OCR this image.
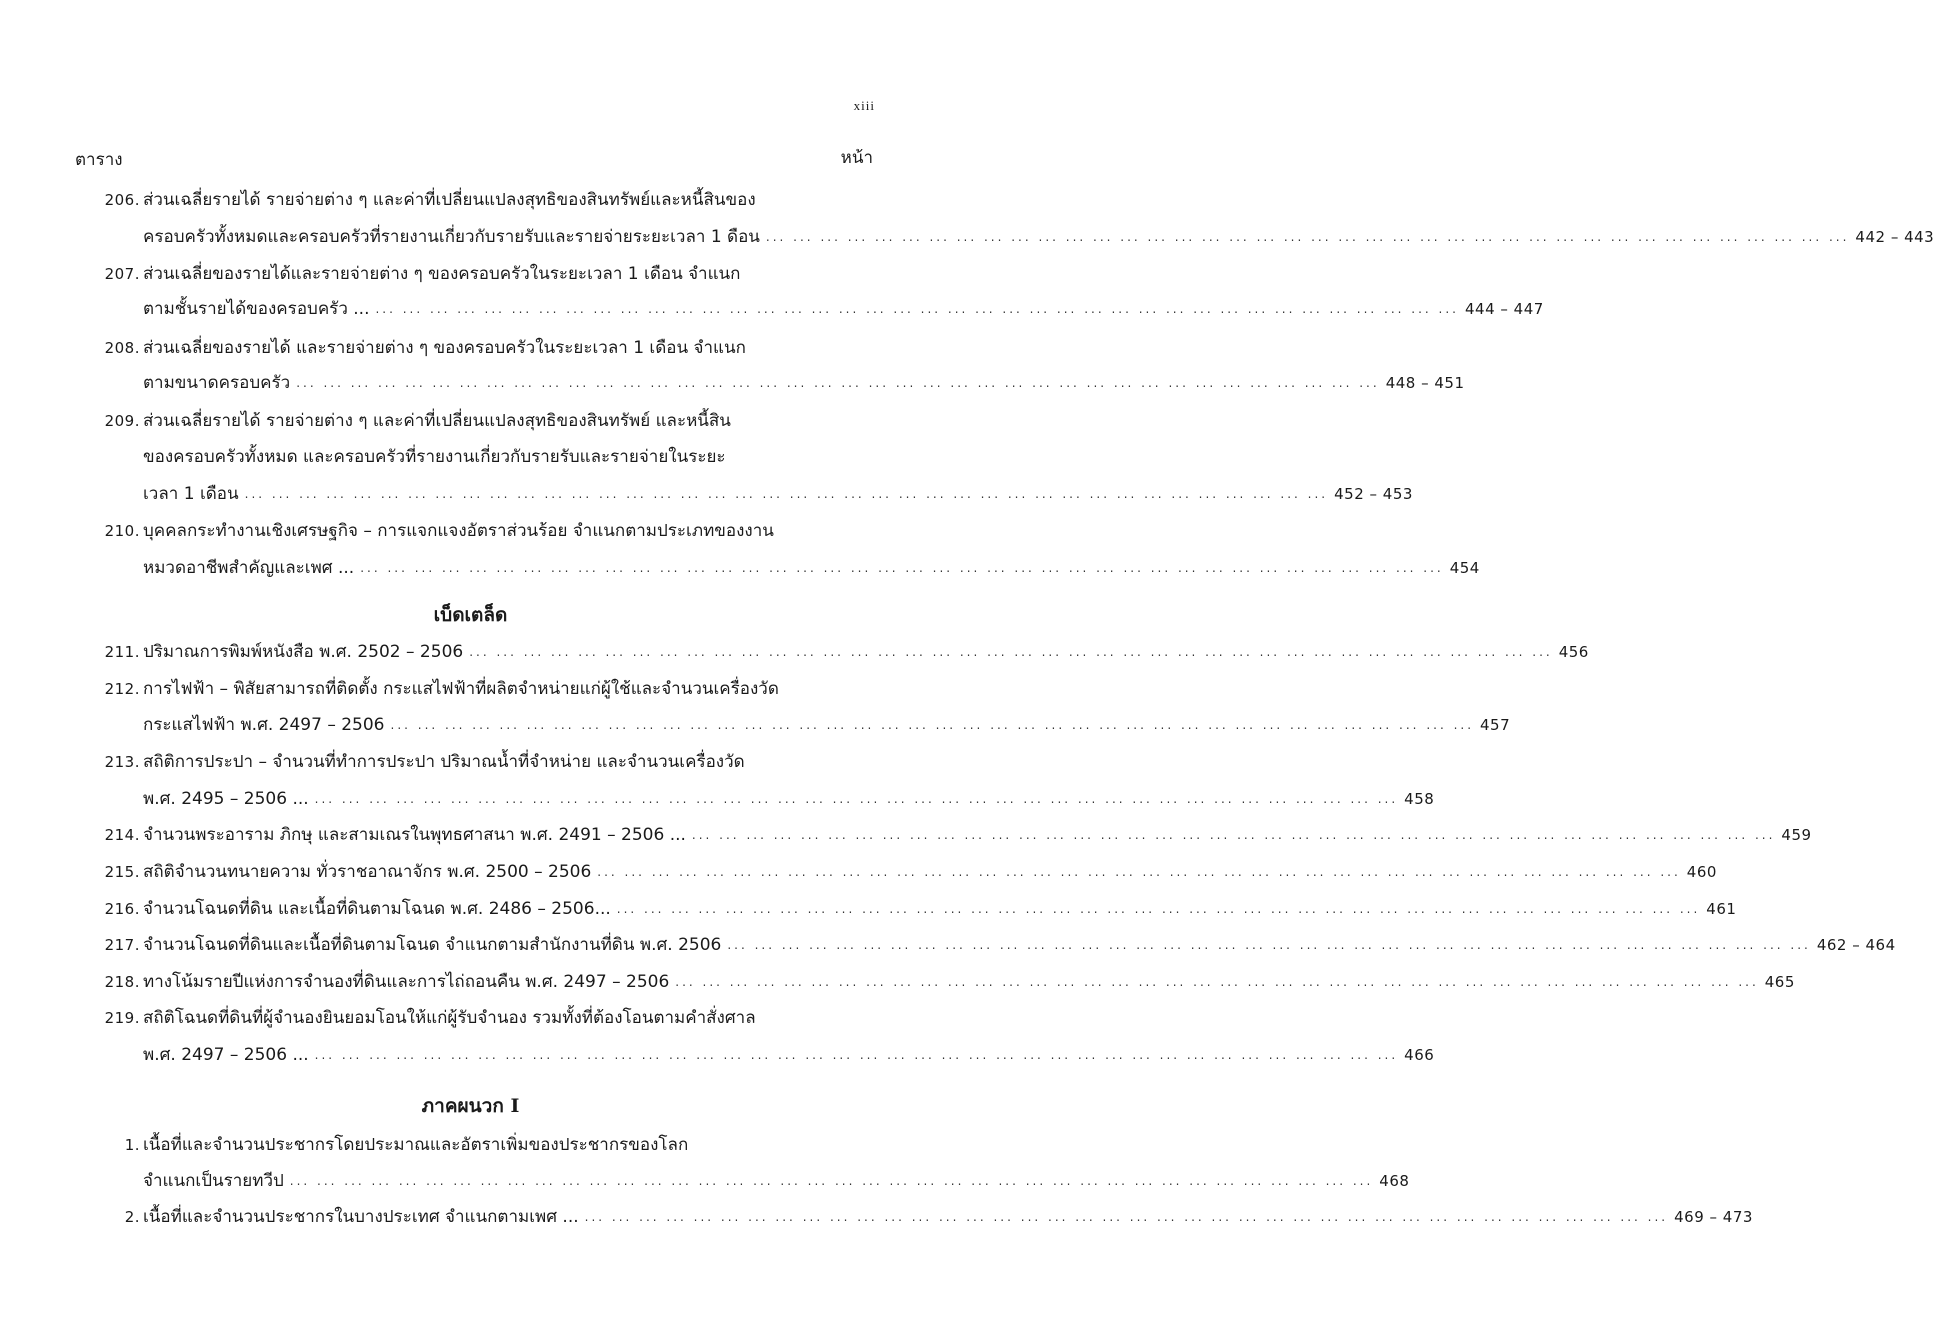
xiii
ตาราง	หน้า
206. ส่วนเฉลี่ยรายได้ รายจ่ายต่าง ๆ และค่าที่เปลี่ยนแปลงสุทธิของสินทรัพย์และหนี้สินของ
ครอบครัวทั้งหมดและครอบครัวที่รายงานเกี่ยวกับรายรับและรายจ่ายระยะเวลา 1 ดือน ... ... ... ... ... ... ... ... ... ... ... ... ... ... ... ... ... ... ... ... ... ... ... ... ... ... ... ... ... ... ... ... ... ... ... ... ... ... ... ... 442 – 443
207. ส่วนเฉลี่ยของรายได้และรายจ่ายต่าง ๆ ของครอบครัวในระยะเวลา 1 เดือน จำแนก
ตามชั้นรายได้ของครอบครัว ... ... ... ... ... ... ... ... ... ... ... ... ... ... ... ... ... ... ... ... ... ... ... ... ... ... ... ... ... ... ... ... ... ... ... ... ... ... ... ... ... 444 – 447
208. ส่วนเฉลี่ยของรายได้ และรายจ่ายต่าง ๆ ของครอบครัวในระยะเวลา 1 เดือน จำแนก
ตามขนาดครอบครัว ... ... ... ... ... ... ... ... ... ... ... ... ... ... ... ... ... ... ... ... ... ... ... ... ... ... ... ... ... ... ... ... ... ... ... ... ... ... ... ... 448 – 451
209. ส่วนเฉลี่ยรายได้ รายจ่ายต่าง ๆ และค่าที่เปลี่ยนแปลงสุทธิของสินทรัพย์ และหนี้สิน
ของครอบครัวทั้งหมด และครอบครัวที่รายงานเกี่ยวกับรายรับและรายจ่ายในระยะ
เวลา 1 เดือน ... ... ... ... ... ... ... ... ... ... ... ... ... ... ... ... ... ... ... ... ... ... ... ... ... ... ... ... ... ... ... ... ... ... ... ... ... ... ... ... 452 – 453
210. บุคคลกระทำงานเชิงเศรษฐกิจ – การแจกแจงอัตราส่วนร้อย จำแนกตามประเภทของงาน
หมวดอาชีพสำคัญและเพศ ... ... ... ... ... ... ... ... ... ... ... ... ... ... ... ... ... ... ... ... ... ... ... ... ... ... ... ... ... ... ... ... ... ... ... ... ... ... ... ... ... 454
เบ็ดเตล็ด
211. ปริมาณการพิมพ์หนังสือ พ.ศ. 2502 – 2506 ... ... ... ... ... ... ... ... ... ... ... ... ... ... ... ... ... ... ... ... ... ... ... ... ... ... ... ... ... ... ... ... ... ... ... ... ... ... ... ... 456
212. การไฟฟ้า – พิสัยสามารถที่ติดตั้ง กระแสไฟฟ้าที่ผลิตจำหน่ายแก่ผู้ใช้และจำนวนเครื่องวัด
กระแสไฟฟ้า พ.ศ. 2497 – 2506 ... ... ... ... ... ... ... ... ... ... ... ... ... ... ... ... ... ... ... ... ... ... ... ... ... ... ... ... ... ... ... ... ... ... ... ... ... ... ... ... 457
213. สถิติการประปา – จำนวนที่ทำการประปา ปริมาณน้ำที่จำหน่าย และจำนวนเครื่องวัด
พ.ศ. 2495 – 2506 ... ... ... ... ... ... ... ... ... ... ... ... ... ... ... ... ... ... ... ... ... ... ... ... ... ... ... ... ... ... ... ... ... ... ... ... ... ... ... ... ... 458
214. จำนวนพระอาราม ภิกษุ และสามเณรในพุทธศาสนา พ.ศ. 2491 – 2506 ... ... ... ... ... ... ... ... ... ... ... ... ... ... ... ... ... ... ... ... ... ... ... ... ... ... ... ... ... ... ... ... ... ... ... ... ... ... ... ... ... 459
215. สถิติจำนวนทนายความ ทั่วราชอาณาจักร พ.ศ. 2500 – 2506 ... ... ... ... ... ... ... ... ... ... ... ... ... ... ... ... ... ... ... ... ... ... ... ... ... ... ... ... ... ... ... ... ... ... ... ... ... ... ... ... 460
216. จำนวนโฉนดที่ดิน และเนื้อที่ดินตามโฉนด พ.ศ. 2486 – 2506... ... ... ... ... ... ... ... ... ... ... ... ... ... ... ... ... ... ... ... ... ... ... ... ... ... ... ... ... ... ... ... ... ... ... ... ... ... ... ... ... 461
217. จำนวนโฉนดที่ดินและเนื้อที่ดินตามโฉนด จำแนกตามสำนักงานที่ดิน พ.ศ. 2506 ... ... ... ... ... ... ... ... ... ... ... ... ... ... ... ... ... ... ... ... ... ... ... ... ... ... ... ... ... ... ... ... ... ... ... ... ... ... ... ... 462 – 464
218. ทางโน้มรายปีแห่งการจำนองที่ดินและการไถ่ถอนคืน พ.ศ. 2497 – 2506 ... ... ... ... ... ... ... ... ... ... ... ... ... ... ... ... ... ... ... ... ... ... ... ... ... ... ... ... ... ... ... ... ... ... ... ... ... ... ... ... 465
219. สถิติโฉนดที่ดินที่ผู้จำนองยินยอมโอนให้แก่ผู้รับจำนอง รวมทั้งที่ต้องโอนตามคำสั่งศาล
พ.ศ. 2497 – 2506 ... ... ... ... ... ... ... ... ... ... ... ... ... ... ... ... ... ... ... ... ... ... ... ... ... ... ... ... ... ... ... ... ... ... ... ... ... ... ... ... ... 466
ภาคผนวก I
1. เนื้อที่และจำนวนประชากรโดยประมาณและอัตราเพิ่มของประชากรของโลก
จำแนกเป็นรายทวีป ... ... ... ... ... ... ... ... ... ... ... ... ... ... ... ... ... ... ... ... ... ... ... ... ... ... ... ... ... ... ... ... ... ... ... ... ... ... ... ... 468
2. เนื้อที่และจำนวนประชากรในบางประเทศ จำแนกตามเพศ ... ... ... ... ... ... ... ... ... ... ... ... ... ... ... ... ... ... ... ... ... ... ... ... ... ... ... ... ... ... ... ... ... ... ... ... ... ... ... ... ... 469 – 473
